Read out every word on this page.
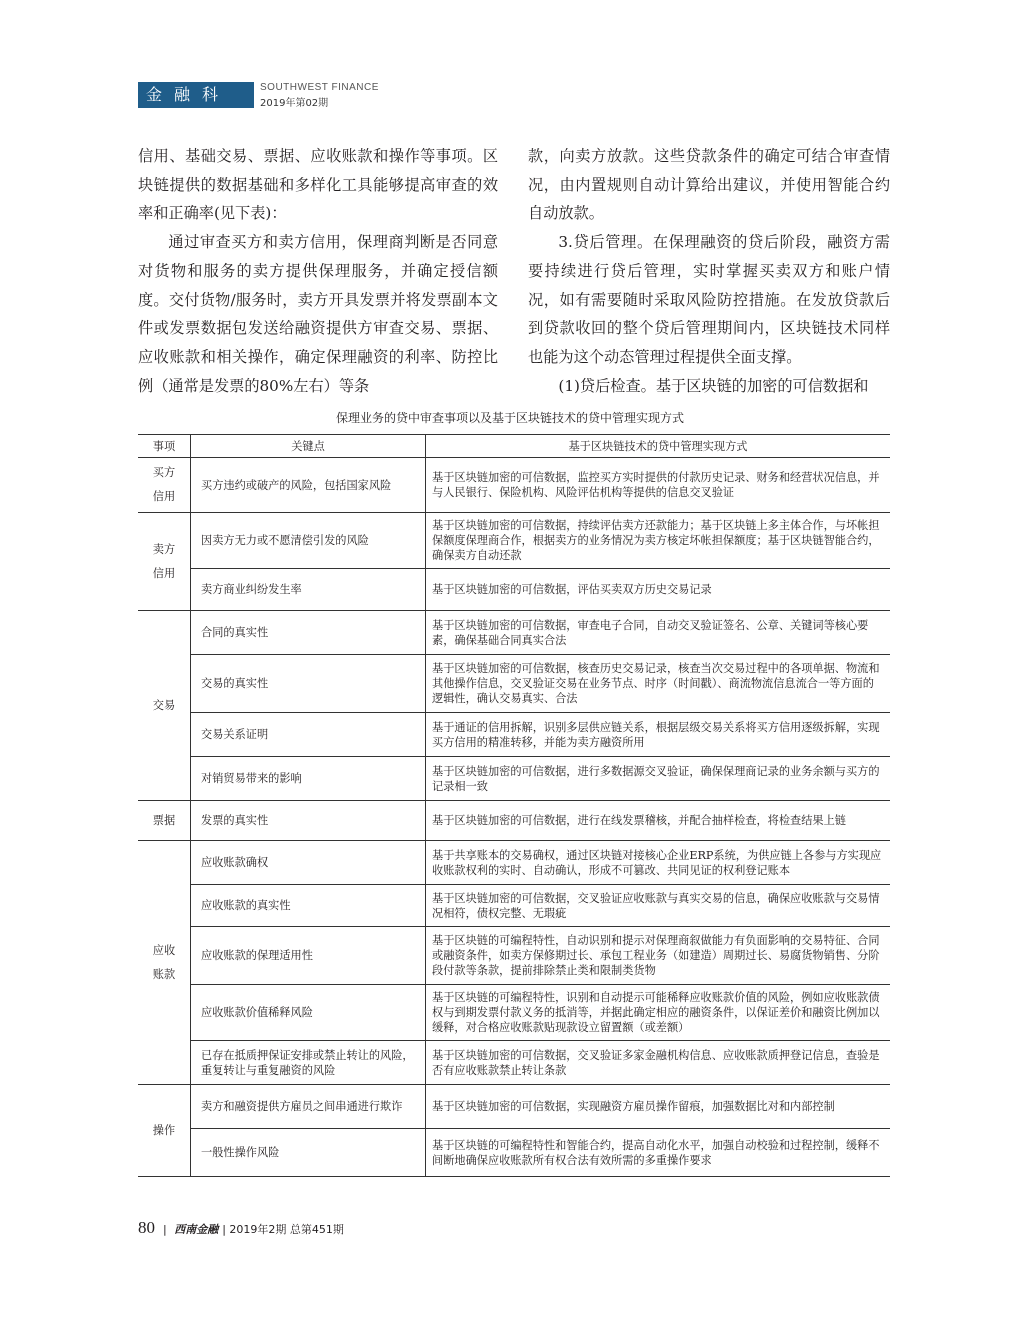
金融科技
SOUTHWEST FINANCE
2019年第02期

信用、基础交易、票据、应收账款和操作等事项。区块链提供的数据基础和多样化工具能够提高审查的效率和正确率(见下表)：

通过审查买方和卖方信用，保理商判断是否同意对货物和服务的卖方提供保理服务，并确定授信额度。交付货物/服务时，卖方开具发票并将发票副本文件或发票数据包发送给融资提供方审查交易、票据、应收账款和相关操作，确定保理融资的利率、防控比例（通常是发票的80%左右）等条

款，向卖方放款。这些贷款条件的确定可结合审查情况，由内置规则自动计算给出建议，并使用智能合约自动放款。

3.贷后管理。在保理融资的贷后阶段，融资方需要持续进行贷后管理，实时掌握买卖双方和账户情况，如有需要随时采取风险防控措施。在发放贷款后到贷款收回的整个贷后管理期间内，区块链技术同样也能为这个动态管理过程提供全面支撑。

(1)贷后检查。基于区块链的加密的可信数据和

保理业务的贷中审查事项以及基于区块链技术的贷中管理实现方式
事项	关键点	基于区块链技术的贷中管理实现方式
买方
信用	买方违约或破产的风险，包括国家风险	基于区块链加密的可信数据，监控买方实时提供的付款历史记录、财务和经营状况信息，并与人民银行、保险机构、风险评估机构等提供的信息交叉验证
卖方
信用	因卖方无力或不愿清偿引发的风险	基于区块链加密的可信数据，持续评估卖方还款能力；基于区块链上多主体合作，与坏帐担保额度保理商合作，根据卖方的业务情况为卖方核定坏帐担保额度；基于区块链智能合约，确保卖方自动还款
	卖方商业纠纷发生率	基于区块链加密的可信数据，评估买卖双方历史交易记录
交易	合同的真实性	基于区块链加密的可信数据，审查电子合同，自动交叉验证签名、公章、关键词等核心要素，确保基础合同真实合法
	交易的真实性	基于区块链加密的可信数据，核查历史交易记录，核查当次交易过程中的各项单据、物流和其他操作信息，交叉验证交易在业务节点、时序（时间戳）、商流物流信息流合一等方面的逻辑性，确认交易真实、合法
	交易关系证明	基于通证的信用拆解，识别多层供应链关系，根据层级交易关系将买方信用逐级拆解，实现买方信用的精准转移，并能为卖方融资所用
	对销贸易带来的影响	基于区块链加密的可信数据，进行多数据源交叉验证，确保保理商记录的业务余额与买方的记录相一致
票据	发票的真实性	基于区块链加密的可信数据，进行在线发票稽核，并配合抽样检查，将检查结果上链
应收
账款	应收账款确权	基于共享账本的交易确权，通过区块链对接核心企业ERP系统，为供应链上各参与方实现应收账款权利的实时、自动确认，形成不可篡改、共同见证的权利登记账本
	应收账款的真实性	基于区块链加密的可信数据，交叉验证应收账款与真实交易的信息，确保应收账款与交易情况相符，债权完整、无瑕疵
	应收账款的保理适用性	基于区块链的可编程特性，自动识别和提示对保理商叙做能力有负面影响的交易特征、合同或融资条件，如卖方保修期过长、承包工程业务（如建造）周期过长、易腐货物销售、分阶段付款等条款，提前排除禁止类和限制类货物
	应收账款价值稀释风险	基于区块链的可编程特性，识别和自动提示可能稀释应收账款价值的风险，例如应收账款债权与到期发票付款义务的抵消等，并据此确定相应的融资条件，以保证差价和融资比例加以缓释，对合格应收账款贴现款设立留置额（或差额）
	已存在抵质押保证安排或禁止转让的风险，重复转让与重复融资的风险	基于区块链加密的可信数据，交叉验证多家金融机构信息、应收账款质押登记信息，查验是否有应收账款禁止转让条款
操作	卖方和融资提供方雇员之间串通进行欺诈	基于区块链加密的可信数据，实现融资方雇员操作留痕，加强数据比对和内部控制
	一般性操作风险	基于区块链的可编程特性和智能合约，提高自动化水平，加强自动校验和过程控制，缓释不间断地确保应收账款所有权合法有效所需的多重操作要求
80 | 西南金融 | 2019年2期 总第451期
